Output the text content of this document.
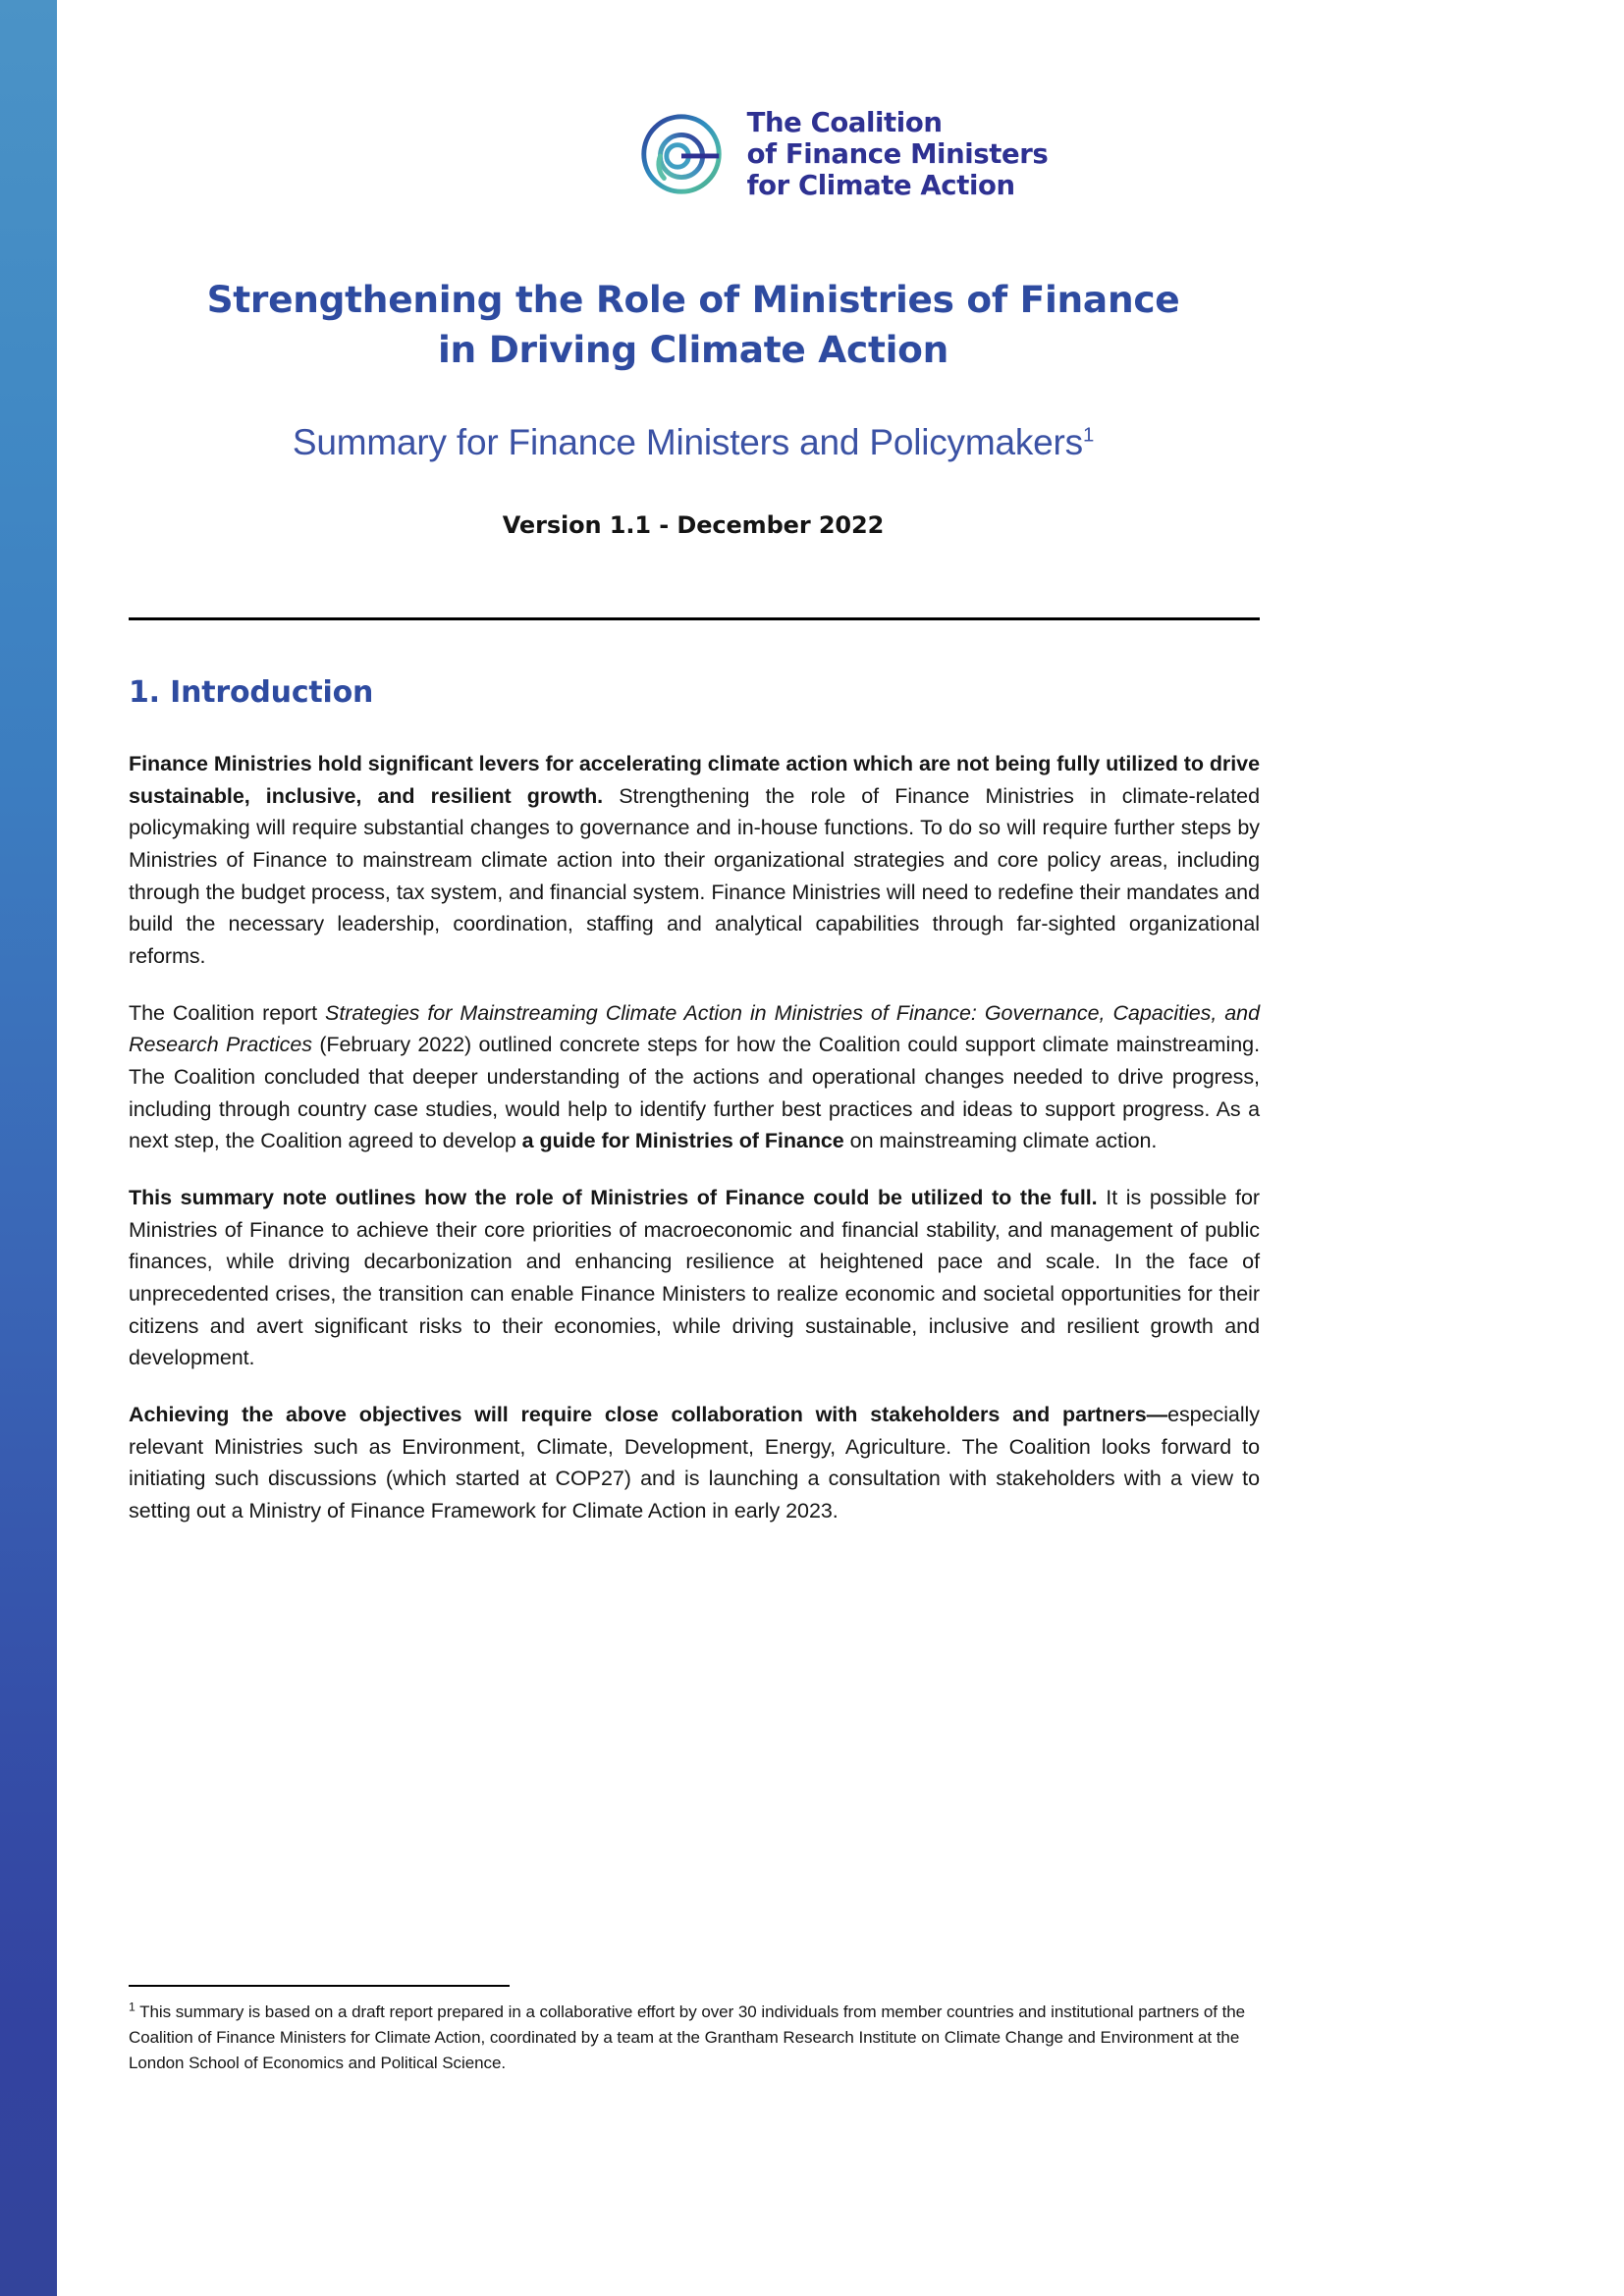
The Coalition
of Finance Ministers
for Climate Action
Strengthening the Role of Ministries of Finance
in Driving Climate Action
Summary for Finance Ministers and Policymakers$^1$
Version 1.1 - December 2022
1. Introduction

Finance Ministries hold significant levers for accelerating climate action which are not being fully utilized to drive sustainable, inclusive, and resilient growth. Strengthening the role of Finance Ministries in climate-related policymaking will require substantial changes to governance and in-house functions. To do so will require further steps by Ministries of Finance to mainstream climate action into their organizational strategies and core policy areas, including through the budget process, tax system, and financial system. Finance Ministries will need to redefine their mandates and build the necessary leadership, coordination, staffing and analytical capabilities through far-sighted organizational reforms.

The Coalition report Strategies for Mainstreaming Climate Action in Ministries of Finance: Governance, Capacities, and Research Practices (February 2022) outlined concrete steps for how the Coalition could support climate mainstreaming. The Coalition concluded that deeper understanding of the actions and operational changes needed to drive progress, including through country case studies, would help to identify further best practices and ideas to support progress. As a next step, the Coalition agreed to develop a guide for Ministries of Finance on mainstreaming climate action.

This summary note outlines how the role of Ministries of Finance could be utilized to the full. It is possible for Ministries of Finance to achieve their core priorities of macroeconomic and financial stability, and management of public finances, while driving decarbonization and enhancing resilience at heightened pace and scale. In the face of unprecedented crises, the transition can enable Finance Ministers to realize economic and societal opportunities for their citizens and avert significant risks to their economies, while driving sustainable, inclusive and resilient growth and development.

Achieving the above objectives will require close collaboration with stakeholders and partners—especially relevant Ministries such as Environment, Climate, Development, Energy, Agriculture. The Coalition looks forward to initiating such discussions (which started at COP27) and is launching a consultation with stakeholders with a view to setting out a Ministry of Finance Framework for Climate Action in early 2023.

$^1$ This summary is based on a draft report prepared in a collaborative effort by over 30 individuals from member countries and institutional partners of the Coalition of Finance Ministers for Climate Action, coordinated by a team at the Grantham Research Institute on Climate Change and Environment at the London School of Economics and Political Science.
